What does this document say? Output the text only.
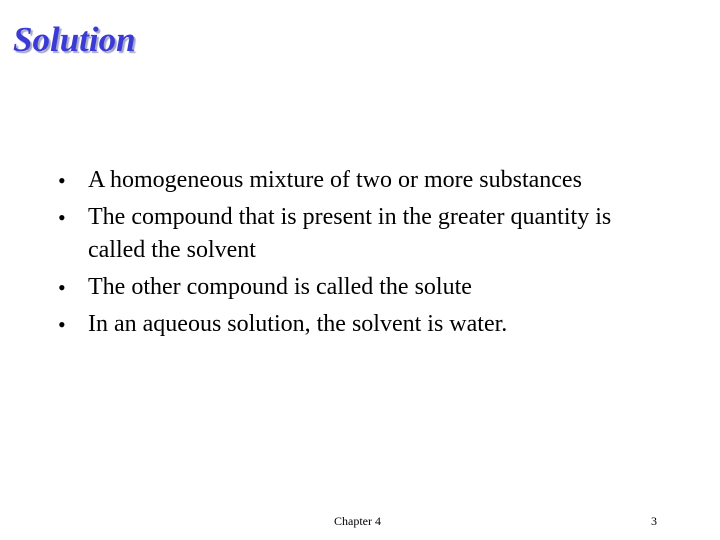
Solution
• A homogeneous mixture of two or more substances
• The compound that is present in the greater quantity is called the solvent
• The other compound is called the solute
• In an aqueous solution, the solvent is water.
Chapter 4	3
